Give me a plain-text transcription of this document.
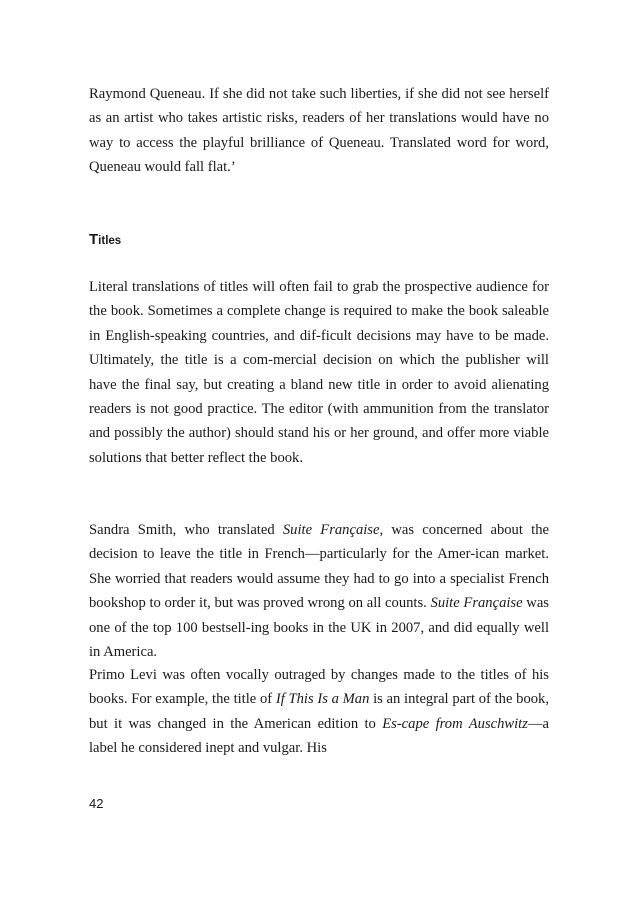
Raymond Queneau. If she did not take such liberties, if she did not see herself as an artist who takes artistic risks, readers of her translations would have no way to access the playful brilliance of Queneau. Translated word for word, Queneau would fall flat.’

Titles

Literal translations of titles will often fail to grab the prospective audience for the book. Sometimes a complete change is required to make the book saleable in English-speaking countries, and dif-ficult decisions may have to be made. Ultimately, the title is a com-mercial decision on which the publisher will have the final say, but creating a bland new title in order to avoid alienating readers is not good practice. The editor (with ammunition from the translator and possibly the author) should stand his or her ground, and offer more viable solutions that better reflect the book.

Sandra Smith, who translated Suite Française, was concerned about the decision to leave the title in French—particularly for the Amer-ican market. She worried that readers would assume they had to go into a specialist French bookshop to order it, but was proved wrong on all counts. Suite Française was one of the top 100 bestsell-ing books in the UK in 2007, and did equally well in America.

Primo Levi was often vocally outraged by changes made to the titles of his books. For example, the title of If This Is a Man is an integral part of the book, but it was changed in the American edition to Es-cape from Auschwitz—a label he considered inept and vulgar. His

42
